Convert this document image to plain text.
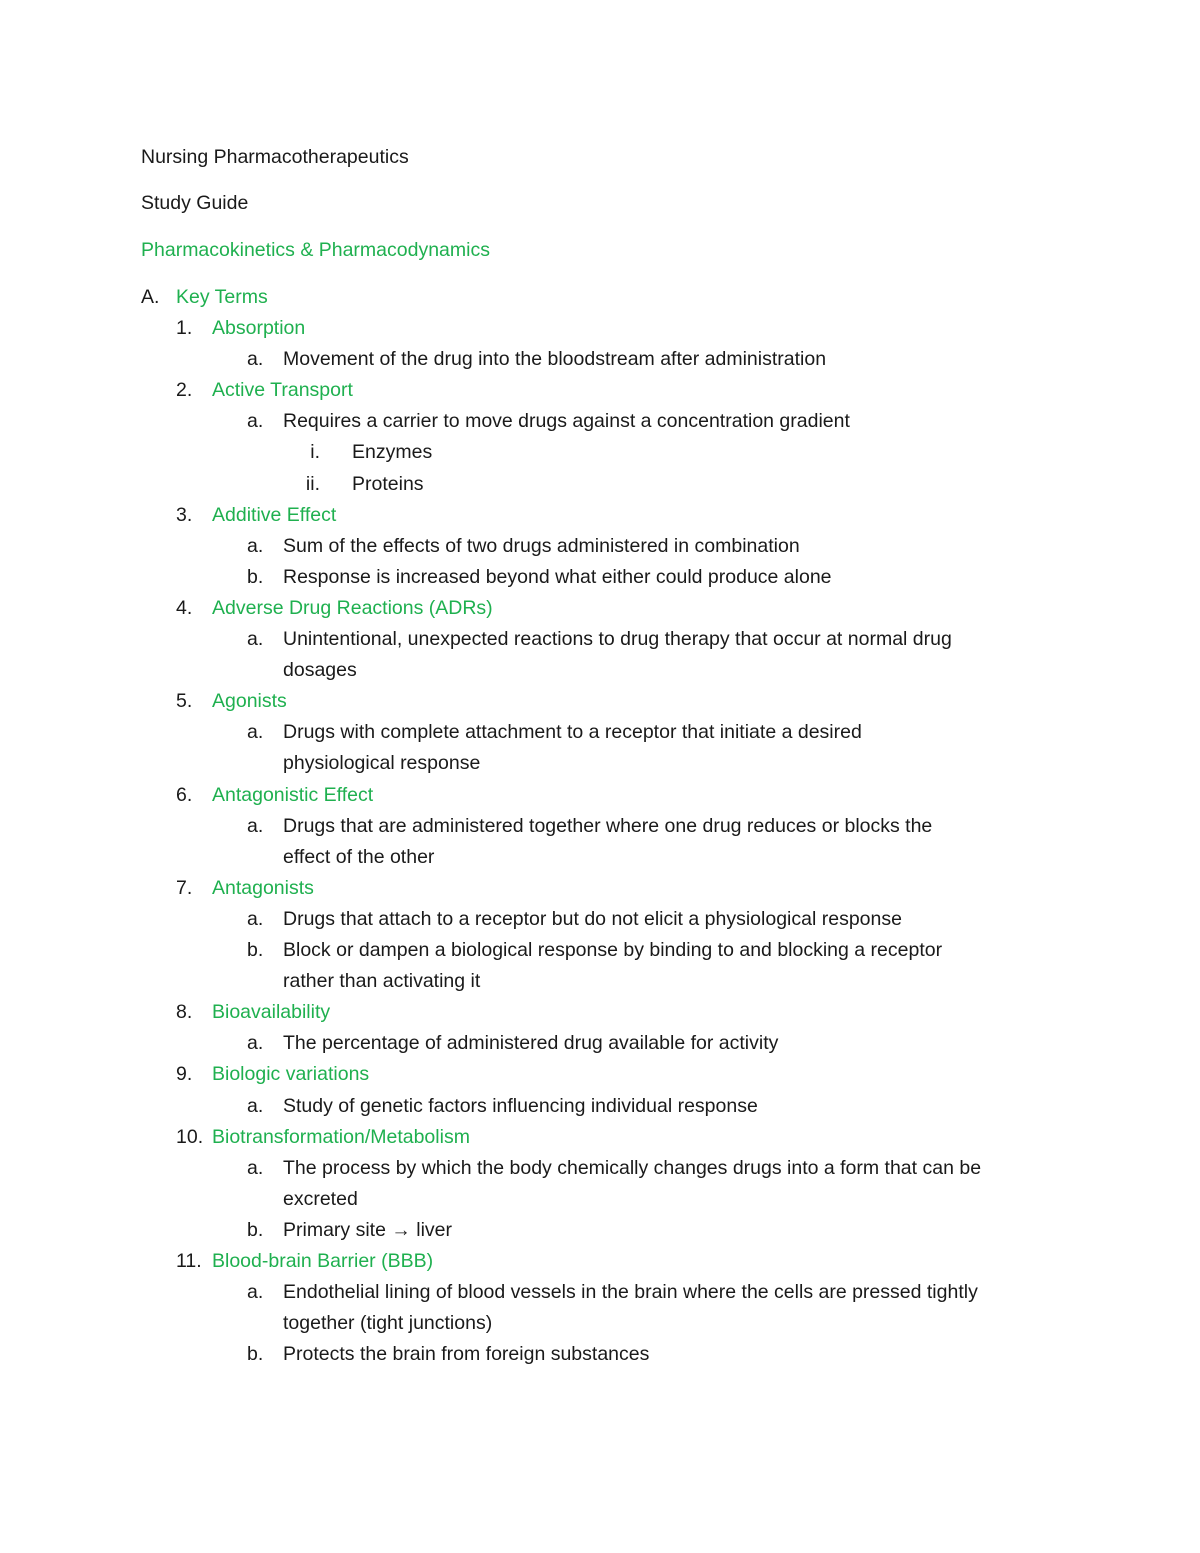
Nursing Pharmacotherapeutics
Study Guide
Pharmacokinetics & Pharmacodynamics
A. Key Terms
1. Absorption
a. Movement of the drug into the bloodstream after administration
2. Active Transport
a. Requires a carrier to move drugs against a concentration gradient
i. Enzymes
ii. Proteins
3. Additive Effect
a. Sum of the effects of two drugs administered in combination
b. Response is increased beyond what either could produce alone
4. Adverse Drug Reactions (ADRs)
a. Unintentional, unexpected reactions to drug therapy that occur at normal drug
dosages
5. Agonists
a. Drugs with complete attachment to a receptor that initiate a desired
physiological response
6. Antagonistic Effect
a. Drugs that are administered together where one drug reduces or blocks the
effect of the other
7. Antagonists
a. Drugs that attach to a receptor but do not elicit a physiological response
b. Block or dampen a biological response by binding to and blocking a receptor
rather than activating it
8. Bioavailability
a. The percentage of administered drug available for activity
9. Biologic variations
a. Study of genetic factors influencing individual response
10. Biotransformation/Metabolism
a. The process by which the body chemically changes drugs into a form that can be
excreted
b. Primary site → liver
11. Blood-brain Barrier (BBB)
a. Endothelial lining of blood vessels in the brain where the cells are pressed tightly
together (tight junctions)
b. Protects the brain from foreign substances
